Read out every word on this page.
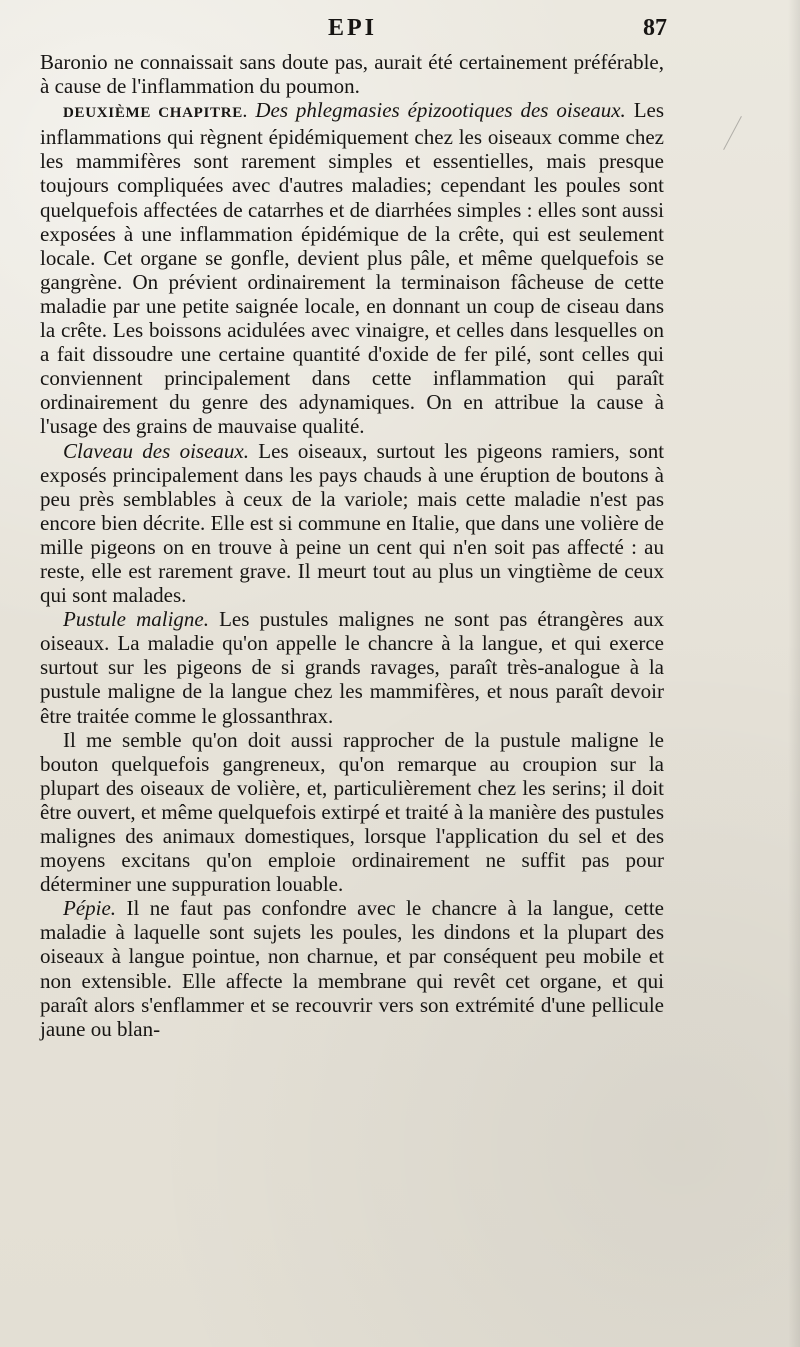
EPI	87

Baronio ne connaissait sans doute pas, aurait été certainement préférable, à cause de l'inflammation du poumon.

DEUXIÈME CHAPITRE. Des phlegmasies épizootiques des oiseaux. Les inflammations qui règnent épidémiquement chez les oiseaux comme chez les mammifères sont rarement simples et essentielles, mais presque toujours compliquées avec d'autres maladies; cependant les poules sont quelquefois affectées de catarrhes et de diarrhées simples : elles sont aussi exposées à une inflammation épidémique de la crête, qui est seulement locale. Cet organe se gonfle, devient plus pâle, et même quelquefois se gangrène. On prévient ordinairement la terminaison fâcheuse de cette maladie par une petite saignée locale, en donnant un coup de ciseau dans la crête. Les boissons acidulées avec vinaigre, et celles dans lesquelles on a fait dissoudre une certaine quantité d'oxide de fer pilé, sont celles qui conviennent principalement dans cette inflammation qui paraît ordinairement du genre des adynamiques. On en attribue la cause à l'usage des grains de mauvaise qualité.

Claveau des oiseaux. Les oiseaux, surtout les pigeons ramiers, sont exposés principalement dans les pays chauds à une éruption de boutons à peu près semblables à ceux de la variole; mais cette maladie n'est pas encore bien décrite. Elle est si commune en Italie, que dans une volière de mille pigeons on en trouve à peine un cent qui n'en soit pas affecté : au reste, elle est rarement grave. Il meurt tout au plus un vingtième de ceux qui sont malades.

Pustule maligne. Les pustules malignes ne sont pas étrangères aux oiseaux. La maladie qu'on appelle le chancre à la langue, et qui exerce surtout sur les pigeons de si grands ravages, paraît très-analogue à la pustule maligne de la langue chez les mammifères, et nous paraît devoir être traitée comme le glossanthrax.

Il me semble qu'on doit aussi rapprocher de la pustule maligne le bouton quelquefois gangreneux, qu'on remarque au croupion sur la plupart des oiseaux de volière, et, particulièrement chez les serins; il doit être ouvert, et même quelquefois extirpé et traité à la manière des pustules malignes des animaux domestiques, lorsque l'application du sel et des moyens excitans qu'on emploie ordinairement ne suffit pas pour déterminer une suppuration louable.

Pépie. Il ne faut pas confondre avec le chancre à la langue, cette maladie à laquelle sont sujets les poules, les dindons et la plupart des oiseaux à langue pointue, non charnue, et par conséquent peu mobile et non extensible. Elle affecte la membrane qui revêt cet organe, et qui paraît alors s'enflammer et se recouvrir vers son extrémité d'une pellicule jaune ou blan-
